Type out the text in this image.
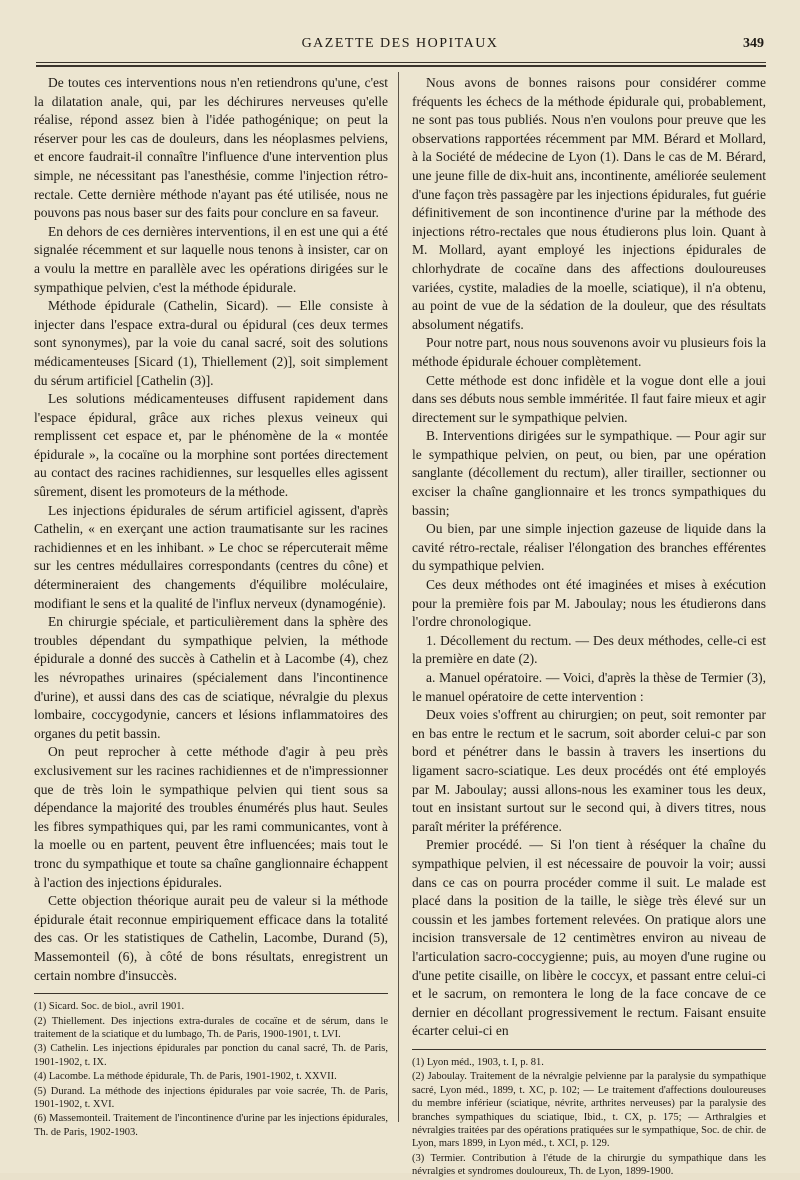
GAZETTE DES HOPITAUX	349

De toutes ces interventions nous n'en retiendrons qu'une, c'est la dilatation anale, qui, par les déchirures nerveuses qu'elle réalise, répond assez bien à l'idée pathogénique; on peut la réserver pour les cas de douleurs, dans les néoplasmes pelviens, et encore faudrait-il connaître l'influence d'une intervention plus simple, ne nécessitant pas l'anesthésie, comme l'injection rétro-rectale. Cette dernière méthode n'ayant pas été utilisée, nous ne pouvons pas nous baser sur des faits pour conclure en sa faveur.

En dehors de ces dernières interventions, il en est une qui a été signalée récemment et sur laquelle nous tenons à insister, car on a voulu la mettre en parallèle avec les opérations dirigées sur le sympathique pelvien, c'est la méthode épidurale.

Méthode épidurale (Cathelin, Sicard). — Elle consiste à injecter dans l'espace extra-dural ou épidural (ces deux termes sont synonymes), par la voie du canal sacré, soit des solutions médicamenteuses [Sicard (1), Thiellement (2)], soit simplement du sérum artificiel [Cathelin (3)].

Les solutions médicamenteuses diffusent rapidement dans l'espace épidural, grâce aux riches plexus veineux qui remplissent cet espace et, par le phénomène de la « montée épidurale », la cocaïne ou la morphine sont portées directement au contact des racines rachidiennes, sur lesquelles elles agissent sûrement, disent les promoteurs de la méthode.

Les injections épidurales de sérum artificiel agissent, d'après Cathelin, « en exerçant une action traumatisante sur les racines rachidiennes et en les inhibant. » Le choc se répercuterait même sur les centres médullaires correspondants (centres du cône) et détermineraient des changements d'équilibre moléculaire, modifiant le sens et la qualité de l'influx nerveux (dynamogénie).

En chirurgie spéciale, et particulièrement dans la sphère des troubles dépendant du sympathique pelvien, la méthode épidurale a donné des succès à Cathelin et à Lacombe (4), chez les névropathes urinaires (spécialement dans l'incontinence d'urine), et aussi dans des cas de sciatique, névralgie du plexus lombaire, coccygodynie, cancers et lésions inflammatoires des organes du petit bassin.

On peut reprocher à cette méthode d'agir à peu près exclusivement sur les racines rachidiennes et de n'impressionner que de très loin le sympathique pelvien qui tient sous sa dépendance la majorité des troubles énumérés plus haut. Seules les fibres sympathiques qui, par les rami communicantes, vont à la moelle ou en partent, peuvent être influencées; mais tout le tronc du sympathique et toute sa chaîne ganglionnaire échappent à l'action des injections épidurales.

Cette objection théorique aurait peu de valeur si la méthode épidurale était reconnue empiriquement efficace dans la totalité des cas. Or les statistiques de Cathelin, Lacombe, Durand (5), Massemonteil (6), à côté de bons résultats, enregistrent un certain nombre d'insuccès.

(1) Sicard. Soc. de biol., avril 1901.

(2) Thiellement. Des injections extra-durales de cocaïne et de sérum, dans le traitement de la sciatique et du lumbago, Th. de Paris, 1900-1901, t. LVI.

(3) Cathelin. Les injections épidurales par ponction du canal sacré, Th. de Paris, 1901-1902, t. IX.

(4) Lacombe. La méthode épidurale, Th. de Paris, 1901-1902, t. XXVII.

(5) Durand. La méthode des injections épidurales par voie sacrée, Th. de Paris, 1901-1902, t. XVI.

(6) Massemonteil. Traitement de l'incontinence d'urine par les injections épidurales, Th. de Paris, 1902-1903.

Nous avons de bonnes raisons pour considérer comme fréquents les échecs de la méthode épidurale qui, probablement, ne sont pas tous publiés. Nous n'en voulons pour preuve que les observations rapportées récemment par MM. Bérard et Mollard, à la Société de médecine de Lyon (1). Dans le cas de M. Bérard, une jeune fille de dix-huit ans, incontinente, améliorée seulement d'une façon très passagère par les injections épidurales, fut guérie définitivement de son incontinence d'urine par la méthode des injections rétro-rectales que nous étudierons plus loin. Quant à M. Mollard, ayant employé les injections épidurales de chlorhydrate de cocaïne dans des affections douloureuses variées, cystite, maladies de la moelle, sciatique), il n'a obtenu, au point de vue de la sédation de la douleur, que des résultats absolument négatifs.

Pour notre part, nous nous souvenons avoir vu plusieurs fois la méthode épidurale échouer complètement.

Cette méthode est donc infidèle et la vogue dont elle a joui dans ses débuts nous semble imméritée. Il faut faire mieux et agir directement sur le sympathique pelvien.

B. Interventions dirigées sur le sympathique. — Pour agir sur le sympathique pelvien, on peut, ou bien, par une opération sanglante (décollement du rectum), aller tirailler, sectionner ou exciser la chaîne ganglionnaire et les troncs sympathiques du bassin;

Ou bien, par une simple injection gazeuse de liquide dans la cavité rétro-rectale, réaliser l'élongation des branches efférentes du sympathique pelvien.

Ces deux méthodes ont été imaginées et mises à exécution pour la première fois par M. Jaboulay; nous les étudierons dans l'ordre chronologique.

1. Décollement du rectum. — Des deux méthodes, celle-ci est la première en date (2).

a. Manuel opératoire. — Voici, d'après la thèse de Termier (3), le manuel opératoire de cette intervention :

Deux voies s'offrent au chirurgien; on peut, soit remonter par en bas entre le rectum et le sacrum, soit aborder celui-c par son bord et pénétrer dans le bassin à travers les insertions du ligament sacro-sciatique. Les deux procédés ont été employés par M. Jaboulay; aussi allons-nous les examiner tous les deux, tout en insistant surtout sur le second qui, à divers titres, nous paraît mériter la préférence.

Premier procédé. — Si l'on tient à réséquer la chaîne du sympathique pelvien, il est nécessaire de pouvoir la voir; aussi dans ce cas on pourra procéder comme il suit. Le malade est placé dans la position de la taille, le siège très élevé sur un coussin et les jambes fortement relevées. On pratique alors une incision transversale de 12 centimètres environ au niveau de l'articulation sacro-coccygienne; puis, au moyen d'une rugine ou d'une petite cisaille, on libère le coccyx, et passant entre celui-ci et le sacrum, on remontera le long de la face concave de ce dernier en décollant progressivement le rectum. Faisant ensuite écarter celui-ci en

(1) Lyon méd., 1903, t. I, p. 81.

(2) Jaboulay. Traitement de la névralgie pelvienne par la paralysie du sympathique sacré, Lyon méd., 1899, t. XC, p. 102; — Le traitement d'affections douloureuses du membre inférieur (sciatique, névrite, arthrites nerveuses) par la paralysie des branches sympathiques du sciatique, Ibid., t. CX, p. 175; — Arthralgies et névralgies traitées par des opérations pratiquées sur le sympathique, Soc. de chir. de Lyon, mars 1899, in Lyon méd., t. XCI, p. 129.

(3) Termier. Contribution à l'étude de la chirurgie du sympathique dans les névralgies et syndromes douloureux, Th. de Lyon, 1899-1900.
